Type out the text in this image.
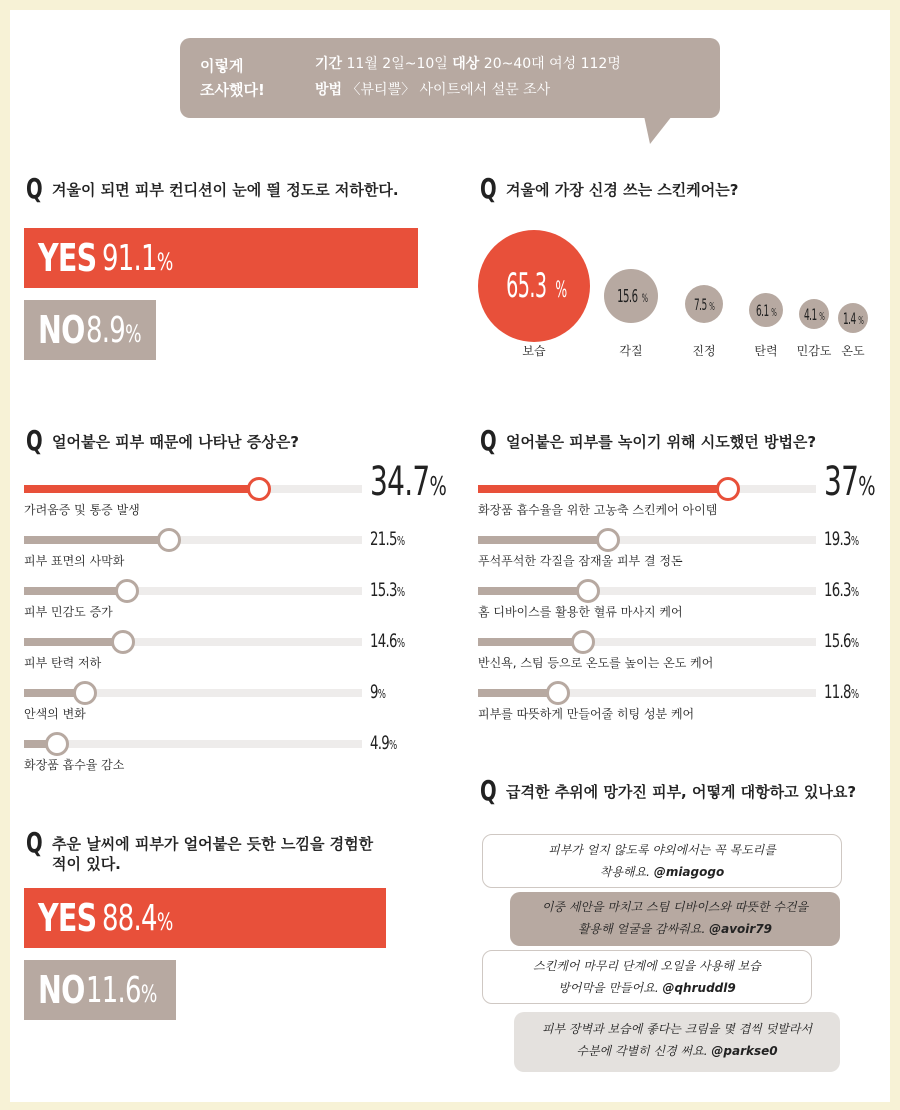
이렇게
조사했다!
기간 11월 2일~10일 대상 20~40대 여성 112명
방법 〈뷰티쁠〉 사이트에서 설문 조사
Q 겨울이 되면 피부 컨디션이 눈에 띌 정도로 저하한다.
YES 91.1%
NO 8.9%
Q 겨울에 가장 신경 쓰는 스킨케어는?
65.3 %
보습
15.6 %
각질
7.5 %
진정
6.1 %
탄력
4.1 %
민감도
1.4 %
온도
Q 얼어붙은 피부 때문에 나타난 증상은?
가려움증 및 통증 발생
34.7%
피부 표면의 사막화
21.5%
피부 민감도 증가
15.3%
피부 탄력 저하
14.6%
안색의 변화
9%
화장품 흡수율 감소
4.9%
Q 얼어붙은 피부를 녹이기 위해 시도했던 방법은?
화장품 흡수율을 위한 고농축 스킨케어 아이템
37%
푸석푸석한 각질을 잠재울 피부 결 정돈
19.3%
홈 디바이스를 활용한 혈류 마사지 케어
16.3%
반신욕, 스팀 등으로 온도를 높이는 온도 케어
15.6%
피부를 따뜻하게 만들어줄 히팅 성분 케어
11.8%
Q 추운 날씨에 피부가 얼어붙은 듯한 느낌을 경험한
적이 있다.
YES 88.4%
NO 11.6%
Q 급격한 추위에 망가진 피부, 어떻게 대항하고 있나요?
피부가 얼지 않도록 야외에서는 꼭 목도리를
착용해요. @miagogo
이중 세안을 마치고 스팀 디바이스와 따뜻한 수건을
활용해 얼굴을 감싸줘요. @avoir79
스킨케어 마무리 단계에 오일을 사용해 보습
방어막을 만들어요. @qhruddl9
피부 장벽과 보습에 좋다는 크림을 몇 겹씩 덧발라서
수분에 각별히 신경 써요. @parkse0
